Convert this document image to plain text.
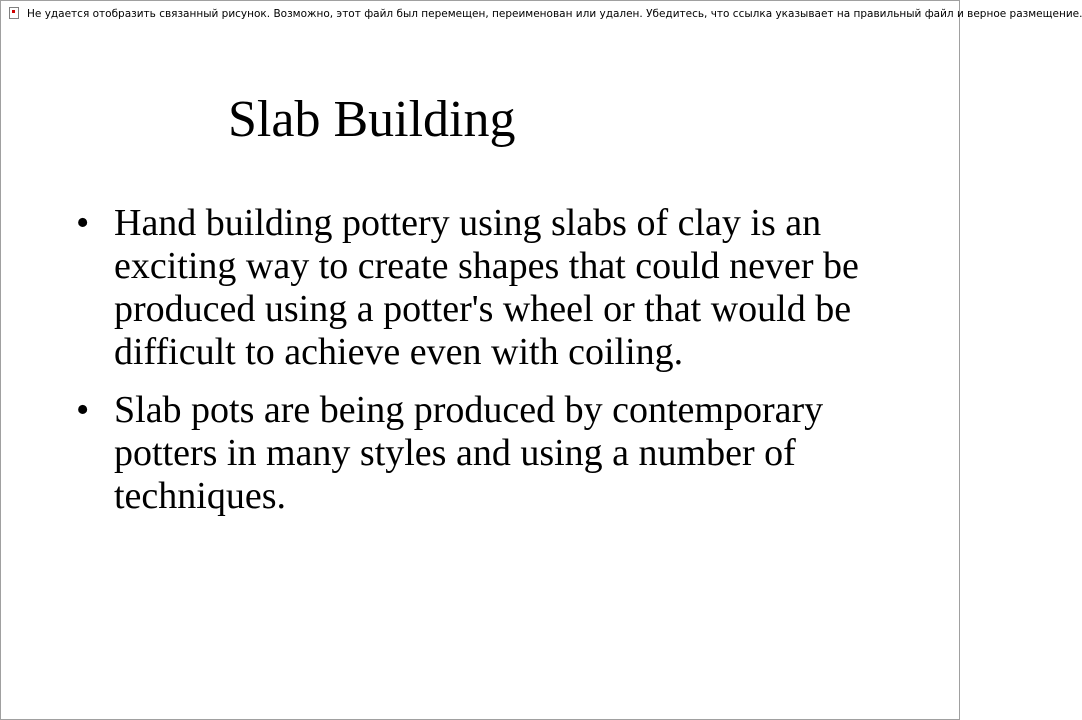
Не удается отобразить связанный рисунок. Возможно, этот файл был перемещен, переименован или удален. Убедитесь, что ссылка указывает на правильный файл и верное размещение.
Slab Building
• Hand building pottery using slabs of clay is an exciting way to create shapes that could never be produced using a potter's wheel or that would be difficult to achieve even with coiling.
• Slab pots are being produced by contemporary potters in many styles and using a number of techniques.
